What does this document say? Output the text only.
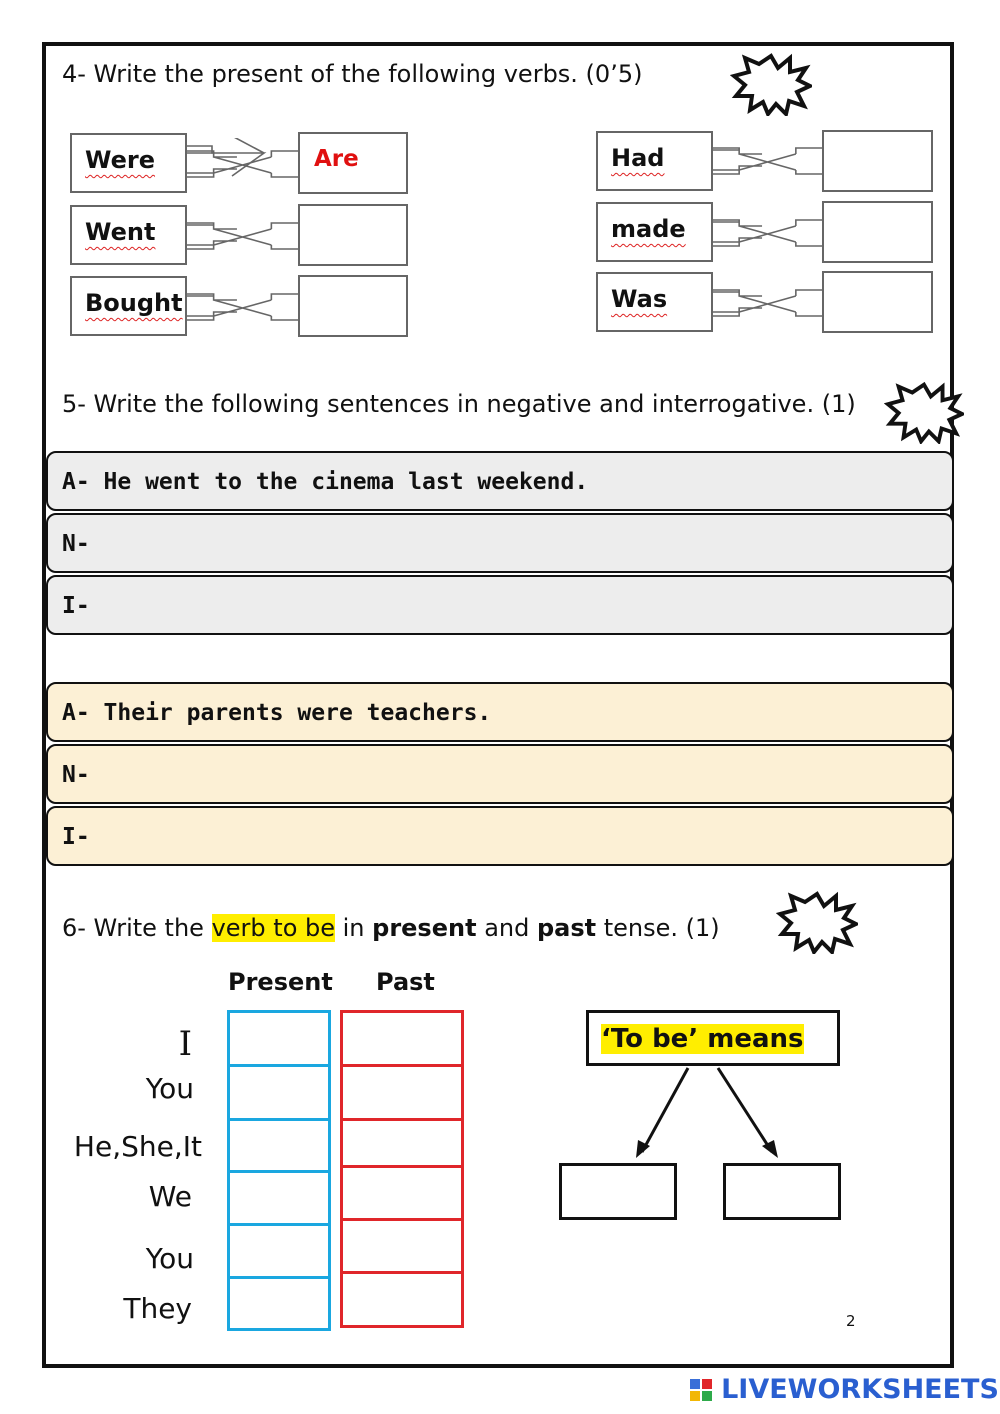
4- Write the present of the following verbs. (0’5)
Were	Are
Went
Bought
Had
made
Was
5- Write the following sentences in negative and interrogative. (1)
A- He went to the cinema last weekend.
N-
I-
A- Their parents were teachers.
N-
I-
6- Write the verb to be in present and past tense. (1)
Present Past
I
You
He,She,It
We
You
They
‘To be’ means
2
LIVEWORKSHEETS
